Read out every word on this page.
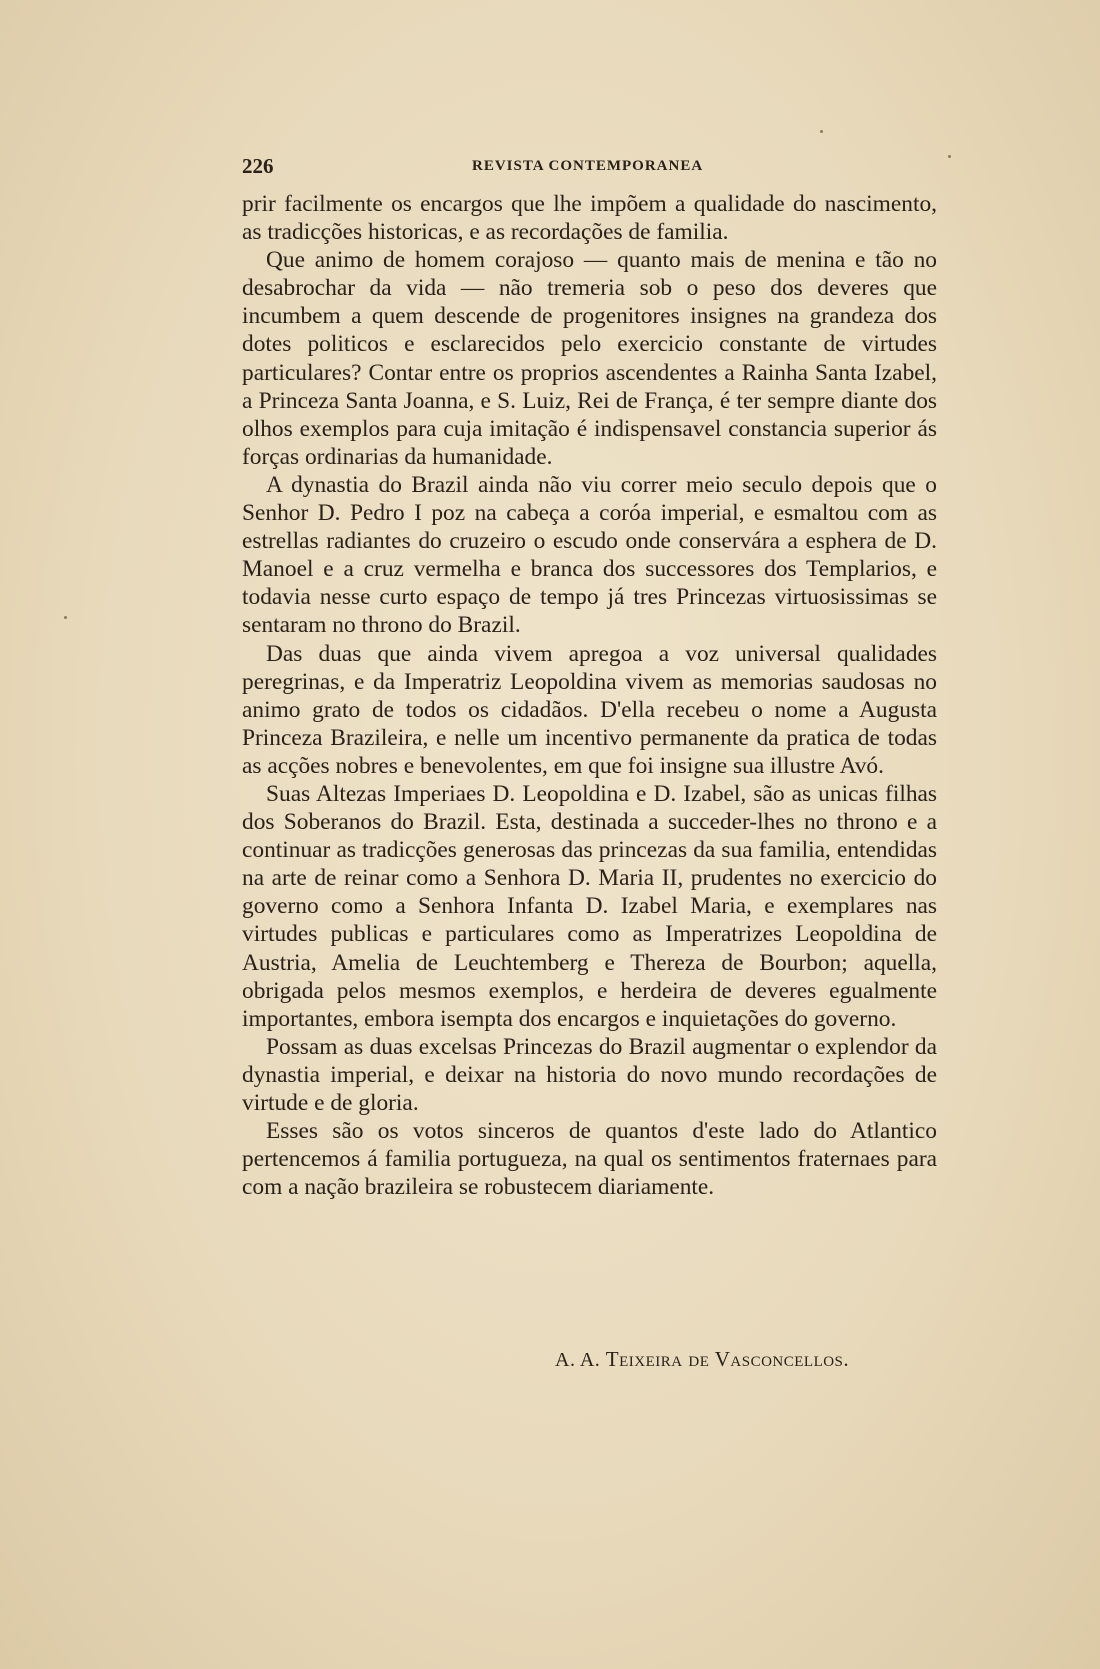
226	REVISTA CONTEMPORANEA

prir facilmente os encargos que lhe impõem a qualidade do nascimento, as tradicções historicas, e as recordações de familia.

Que animo de homem corajoso — quanto mais de menina e tão no desabrochar da vida — não tremeria sob o peso dos deveres que incumbem a quem descende de progenitores insignes na grandeza dos dotes politicos e esclarecidos pelo exercicio constante de virtudes particulares? Contar entre os proprios ascendentes a Rainha Santa Izabel, a Princeza Santa Joanna, e S. Luiz, Rei de França, é ter sempre diante dos olhos exemplos para cuja imitação é indispensavel constancia superior ás forças ordinarias da humanidade.

A dynastia do Brazil ainda não viu correr meio seculo depois que o Senhor D. Pedro I poz na cabeça a coróa imperial, e esmaltou com as estrellas radiantes do cruzeiro o escudo onde conservára a esphera de D. Manoel e a cruz vermelha e branca dos successores dos Templarios, e todavia nesse curto espaço de tempo já tres Princezas virtuosissimas se sentaram no throno do Brazil.

Das duas que ainda vivem apregoa a voz universal qualidades peregrinas, e da Imperatriz Leopoldina vivem as memorias saudosas no animo grato de todos os cidadãos. D'ella recebeu o nome a Augusta Princeza Brazileira, e nelle um incentivo permanente da pratica de todas as acções nobres e benevolentes, em que foi insigne sua illustre Avó.

Suas Altezas Imperiaes D. Leopoldina e D. Izabel, são as unicas filhas dos Soberanos do Brazil. Esta, destinada a succeder-lhes no throno e a continuar as tradicções generosas das princezas da sua familia, entendidas na arte de reinar como a Senhora D. Maria II, prudentes no exercicio do governo como a Senhora Infanta D. Izabel Maria, e exemplares nas virtudes publicas e particulares como as Imperatrizes Leopoldina de Austria, Amelia de Leuchtemberg e Thereza de Bourbon; aquella, obrigada pelos mesmos exemplos, e herdeira de deveres egualmente importantes, embora isempta dos encargos e inquietações do governo.

Possam as duas excelsas Princezas do Brazil augmentar o explendor da dynastia imperial, e deixar na historia do novo mundo recordações de virtude e de gloria.

Esses são os votos sinceros de quantos d'este lado do Atlantico pertencemos á familia portugueza, na qual os sentimentos fraternaes para com a nação brazileira se robustecem diariamente.

A. A. Teixeira de Vasconcellos.
